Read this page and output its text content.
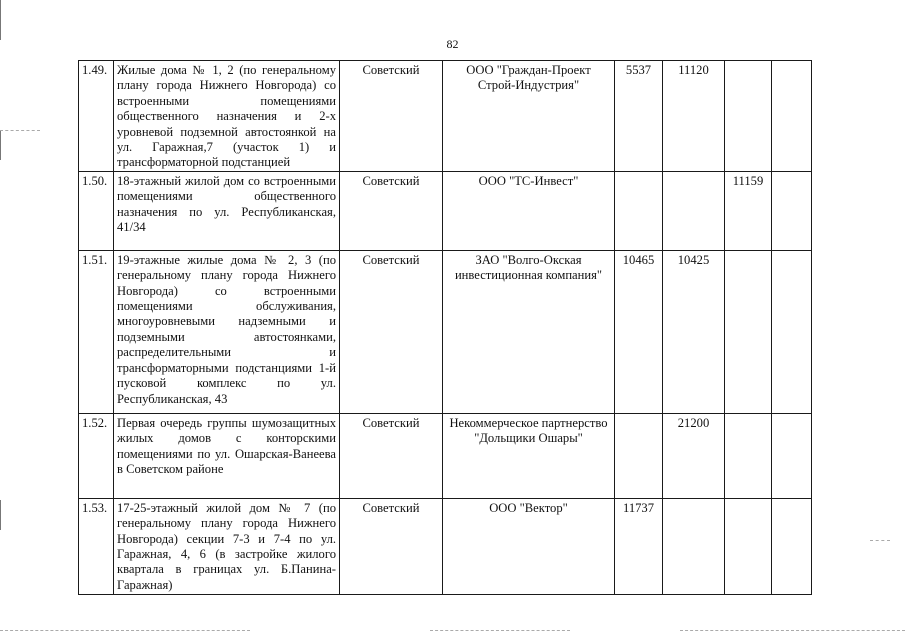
82
1.49.	Жилые дома № 1, 2 (по генеральному плану города Нижнего Новгорода) со встроенными помещениями общественного назначения и 2-х уровневой подземной автостоянкой на ул. Гаражная,7 (участок 1) и трансформаторной подстанцией	Советский	ООО "Граждан-Проект Строй-Индустрия"	5537	11120		
1.50.	18-этажный жилой дом со встроенными помещениями общественного назначения по ул. Республиканская, 41/34	Советский	ООО "ТС-Инвест"			11159	
1.51.	19-этажные жилые дома № 2, 3 (по генеральному плану города Нижнего Новгорода) со встроенными помещениями обслуживания, многоуровневыми надземными и подземными автостоянками, распределительными и трансформаторными подстанциями 1-й пусковой комплекс по ул. Республиканская, 43	Советский	ЗАО "Волго-Окская инвестиционная компания"	10465	10425		
1.52.	Первая очередь группы шумозащитных жилых домов с конторскими помещениями по ул. Ошарская-Ванеева в Советском районе	Советский	Некоммерческое партнерство "Дольщики Ошары"		21200		
1.53.	17-25-этажный жилой дом № 7 (по генеральному плану города Нижнего Новгорода) секции 7-3 и 7-4 по ул. Гаражная, 4, 6 (в застройке жилого квартала в границах ул. Б.Панина-Гаражная)	Советский	ООО "Вектор"	11737			
